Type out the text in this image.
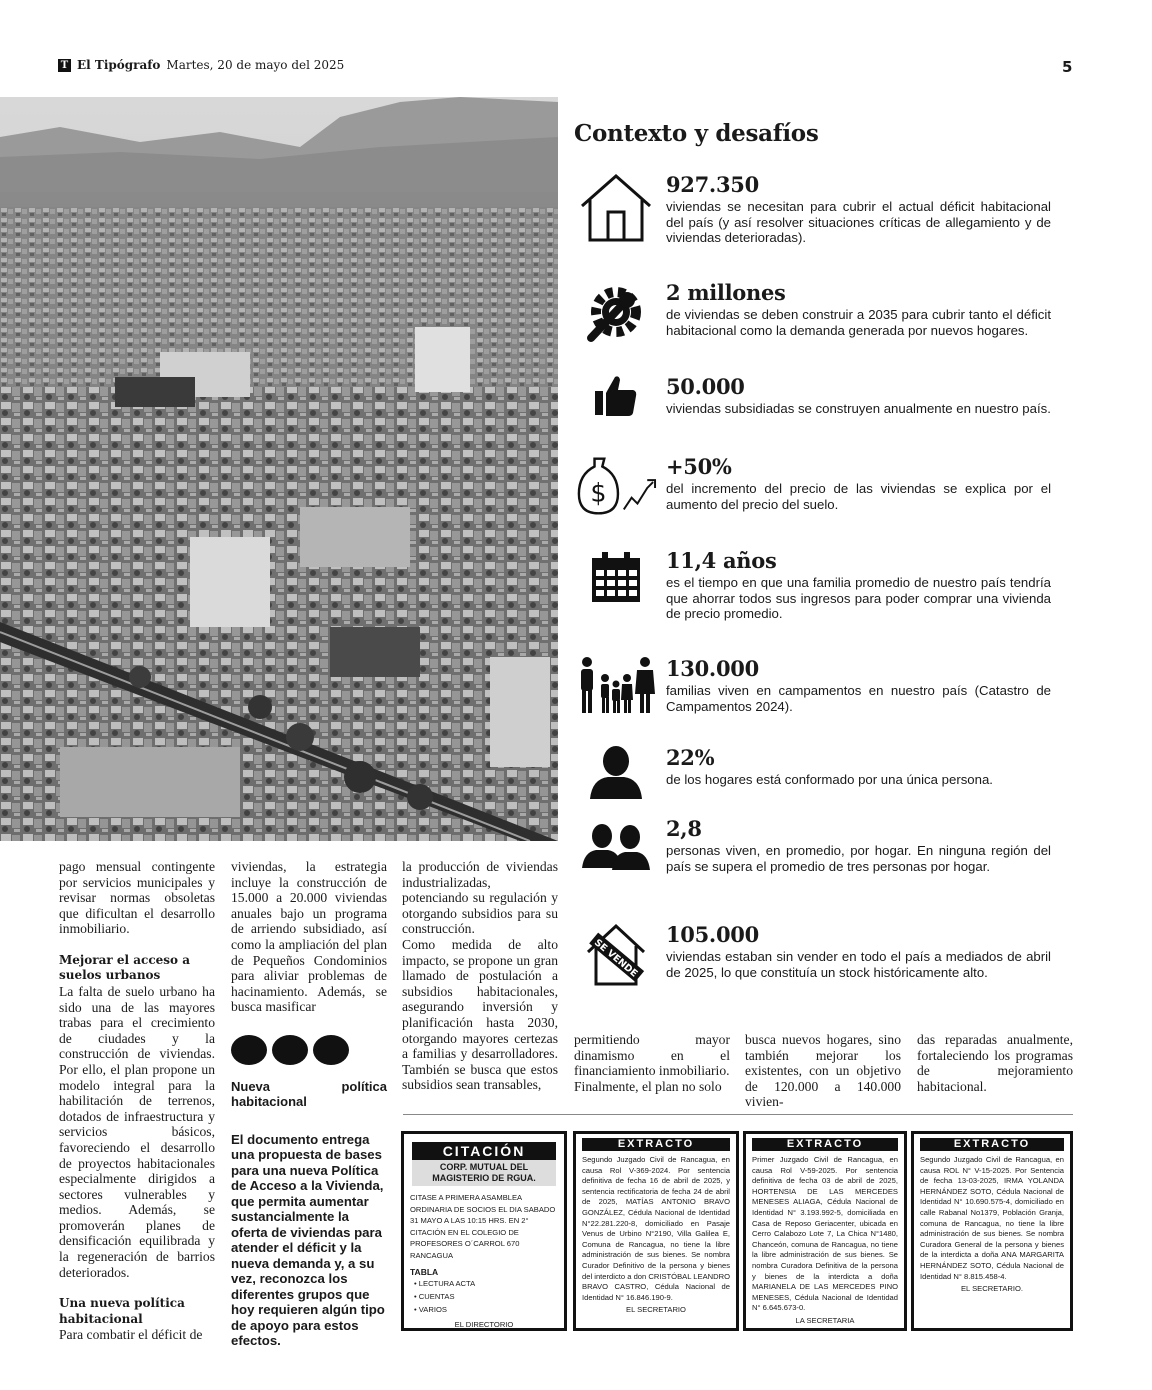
T El Tipógrafo Martes, 20 de mayo del 2025	5
Contexto y desafíos
927.350
viviendas se necesitan para cubrir el actual déficit habitacional del país (y así resolver situaciones críticas de allegamiento y de viviendas deterioradas).
2 millones
de viviendas se deben construir a 2035 para cubrir tanto el déficit habitacional como la demanda generada por nuevos hogares.
50.000
viviendas subsidiadas se construyen anualmente en nuestro país.
$
+50%
del incremento del precio de las viviendas se explica por el aumento del precio del suelo.
11,4 años
es el tiempo en que una familia promedio de nuestro país tendría que ahorrar todos sus ingresos para poder comprar una vivienda de precio promedio.
130.000
familias viven en campamentos en nuestro país (Catastro de Campamentos 2024).
22%
de los hogares está conformado por una única persona.
2,8
personas viven, en promedio, por hogar. En ninguna región del país se supera el promedio de tres personas por hogar.
SE VENDE
105.000
viviendas estaban sin vender en todo el país a mediados de abril de 2025, lo que constituía un stock históricamente alto.

pago mensual contingente por servicios municipales y revisar normas obsoletas que dificultan el desarrollo inmobiliario.

Mejorar el acceso a suelos urbanos

La falta de suelo urbano ha sido una de las mayores trabas para el crecimiento de ciudades y la construcción de viviendas. Por ello, el plan propone un modelo integral para la habilitación de terrenos, dotados de infraestructura y servicios básicos, favoreciendo el desarrollo de proyectos habitacionales especialmente dirigidos a sectores vulnerables y medios. Además, se promoverán planes de densificación equilibrada y la regeneración de barrios deteriorados.

Una nueva política habitacional

Para combatir el déficit de

viviendas, la estrategia incluye la construcción de 15.000 a 20.000 viviendas anuales bajo un programa de arriendo subsidiado, así como la ampliación del plan de Pequeños Condominios para aliviar problemas de hacinamiento. Además, se busca masificar

Nueva política habitacional
El documento entrega una propuesta de bases para una nueva Política de Acceso a la Vivienda, que permita aumentar sustancialmente la oferta de viviendas para atender el déficit y la nueva demanda y, a su vez, reconozca los diferentes grupos que hoy requieren algún tipo de apoyo para estos efectos.

la producción de viviendas industrializadas, potenciando su regulación y otorgando subsidios para su construcción.

Como medida de alto impacto, se propone un gran llamado de postulación a subsidios habitacionales, asegurando inversión y planificación hasta 2030, otorgando mayores certezas a familias y desarrolladores. También se busca que estos subsidios sean transables,

permitiendo mayor dinamismo en el financiamiento inmobiliario.

Finalmente, el plan no solo

busca nuevos hogares, sino también mejorar los existentes, con un objetivo de 120.000 a 140.000 vivien-

das reparadas anualmente, fortaleciendo los programas de mejoramiento habitacional.

CITACIÓN
CORP. MUTUAL DEL MAGISTERIO DE RGUA.
CITASE A PRIMERA ASAMBLEA ORDINARIA DE SOCIOS EL DIA SABADO 31 MAYO A LAS 10:15 HRS. EN 2° CITACIÓN EN EL COLEGIO DE PROFESORES O´CARROL 670 RANCAGUA
TABLA
• LECTURA ACTA
• CUENTAS
• VARIOS
EL DIRECTORIO
EXTRACTO
Segundo Juzgado Civil de Rancagua, en causa Rol V-369-2024. Por sentencia definitiva de fecha 16 de abril de 2025, y sentencia rectificatoria de fecha 24 de abril de 2025, MATÍAS ANTONIO BRAVO GONZÁLEZ, Cédula Nacional de Identidad N°22.281.220-8, domiciliado en Pasaje Venus de Urbino N°2190, Villa Galilea E, Comuna de Rancagua, no tiene la libre administración de sus bienes. Se nombra Curador Definitivo de la persona y bienes del interdicto a don CRISTÓBAL LEANDRO BRAVO CASTRO, Cédula Nacional de Identidad N° 16.846.190-9.
EL SECRETARIO
EXTRACTO
Primer Juzgado Civil de Rancagua, en causa Rol V-59-2025. Por sentencia definitiva de fecha 03 de abril de 2025, HORTENSIA DE LAS MERCEDES MENESES ALIAGA, Cédula Nacional de Identidad N° 3.193.992-5, domiciliada en Casa de Reposo Geriacenter, ubicada en Cerro Calabozo Lote 7, La Chica N°1480, Chanceón, comuna de Rancagua, no tiene la libre administración de sus bienes. Se nombra Curadora Definitiva de la persona y bienes de la interdicta a doña MARIANELA DE LAS MERCEDES PINO MENESES, Cédula Nacional de Identidad N° 6.645.673-0.
LA SECRETARIA
EXTRACTO
Segundo Juzgado Civil de Rancagua, en causa ROL N° V-15-2025. Por Sentencia de fecha 13-03-2025, IRMA YOLANDA HERNÁNDEZ SOTO, Cédula Nacional de Identidad N° 10.690.575-4, domiciliado en calle Rabanal No1379, Población Granja, comuna de Rancagua, no tiene la libre administración de sus bienes. Se nombra Curadora General de la persona y bienes de la interdicta a doña ANA MARGARITA HERNÁNDEZ SOTO, Cédula Nacional de Identidad N° 8.815.458-4.
EL SECRETARIO.
